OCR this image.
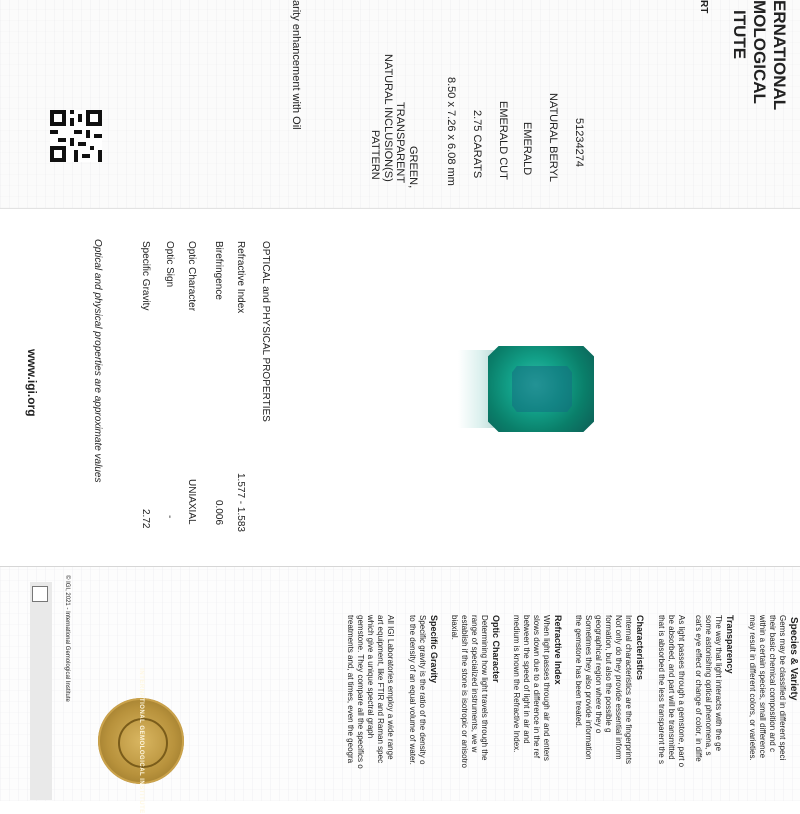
ERNATIONAL
MOLOGICAL
ITUTE
RT
51234274
NATURAL BERYL
EMERALD
EMERALD CUT
2.75 CARATS
8.50 x 7.26 x 6.08 mm
GREEN,
TRANSPARENT
NATURAL INCLUSION(S)
PATTERN
arity enhancement with Oil
OPTICAL and PHYSICAL PROPERTIES
Refractive Index
Birefringence
Optic Character
Optic Sign
Specific Gravity
1.577 - 1.583
0.006
UNIAXIAL
-
2.72
Optical and physical properties are approximate values
www.igi.org
Species & Variety
Gems may be classified in different speci
their basic chemical composition and c
within a certain species, small difference
may result in different colors, or varieties.
Transparency
The way that light interacts with the ge
some astonishing optical phenomena, s
cat's eye effect or change of color, in diffe
As light passes through a gemstone, part o
be absorbed, and part will be transmitted
that is absorbed the less transparent the s
Characteristics
Internal characteristics are the fingerprints
Not only do they provide essential inform
formation, but also the possible g
geographical region where they o
Sometimes they also provide information
the gemstone has been treated.
Refractive Index
When light passes through air and enters
slows down due to a difference in the ref
between the speed of light in air and
medium is known the Refractive Index.
Optic Character
Determining how light travels through the
range of specialized instruments, we w
establish if the stone is isotropic or anisotro
biaxial.
Specific Gravity
Specific gravity is the ratio of the density o
to the density of an equal volume of water.
All IGI Laboratories employ a wide range
art equipment, like FTIR and Raman spec
which give a unique spectral graph
gemstone. They compare all the specifics o
treatments and, at times, even the geogra
© IGI, 2021 - International Gemological Institute
INTERNATIONAL GEMOLOGICAL INSTITUTE
